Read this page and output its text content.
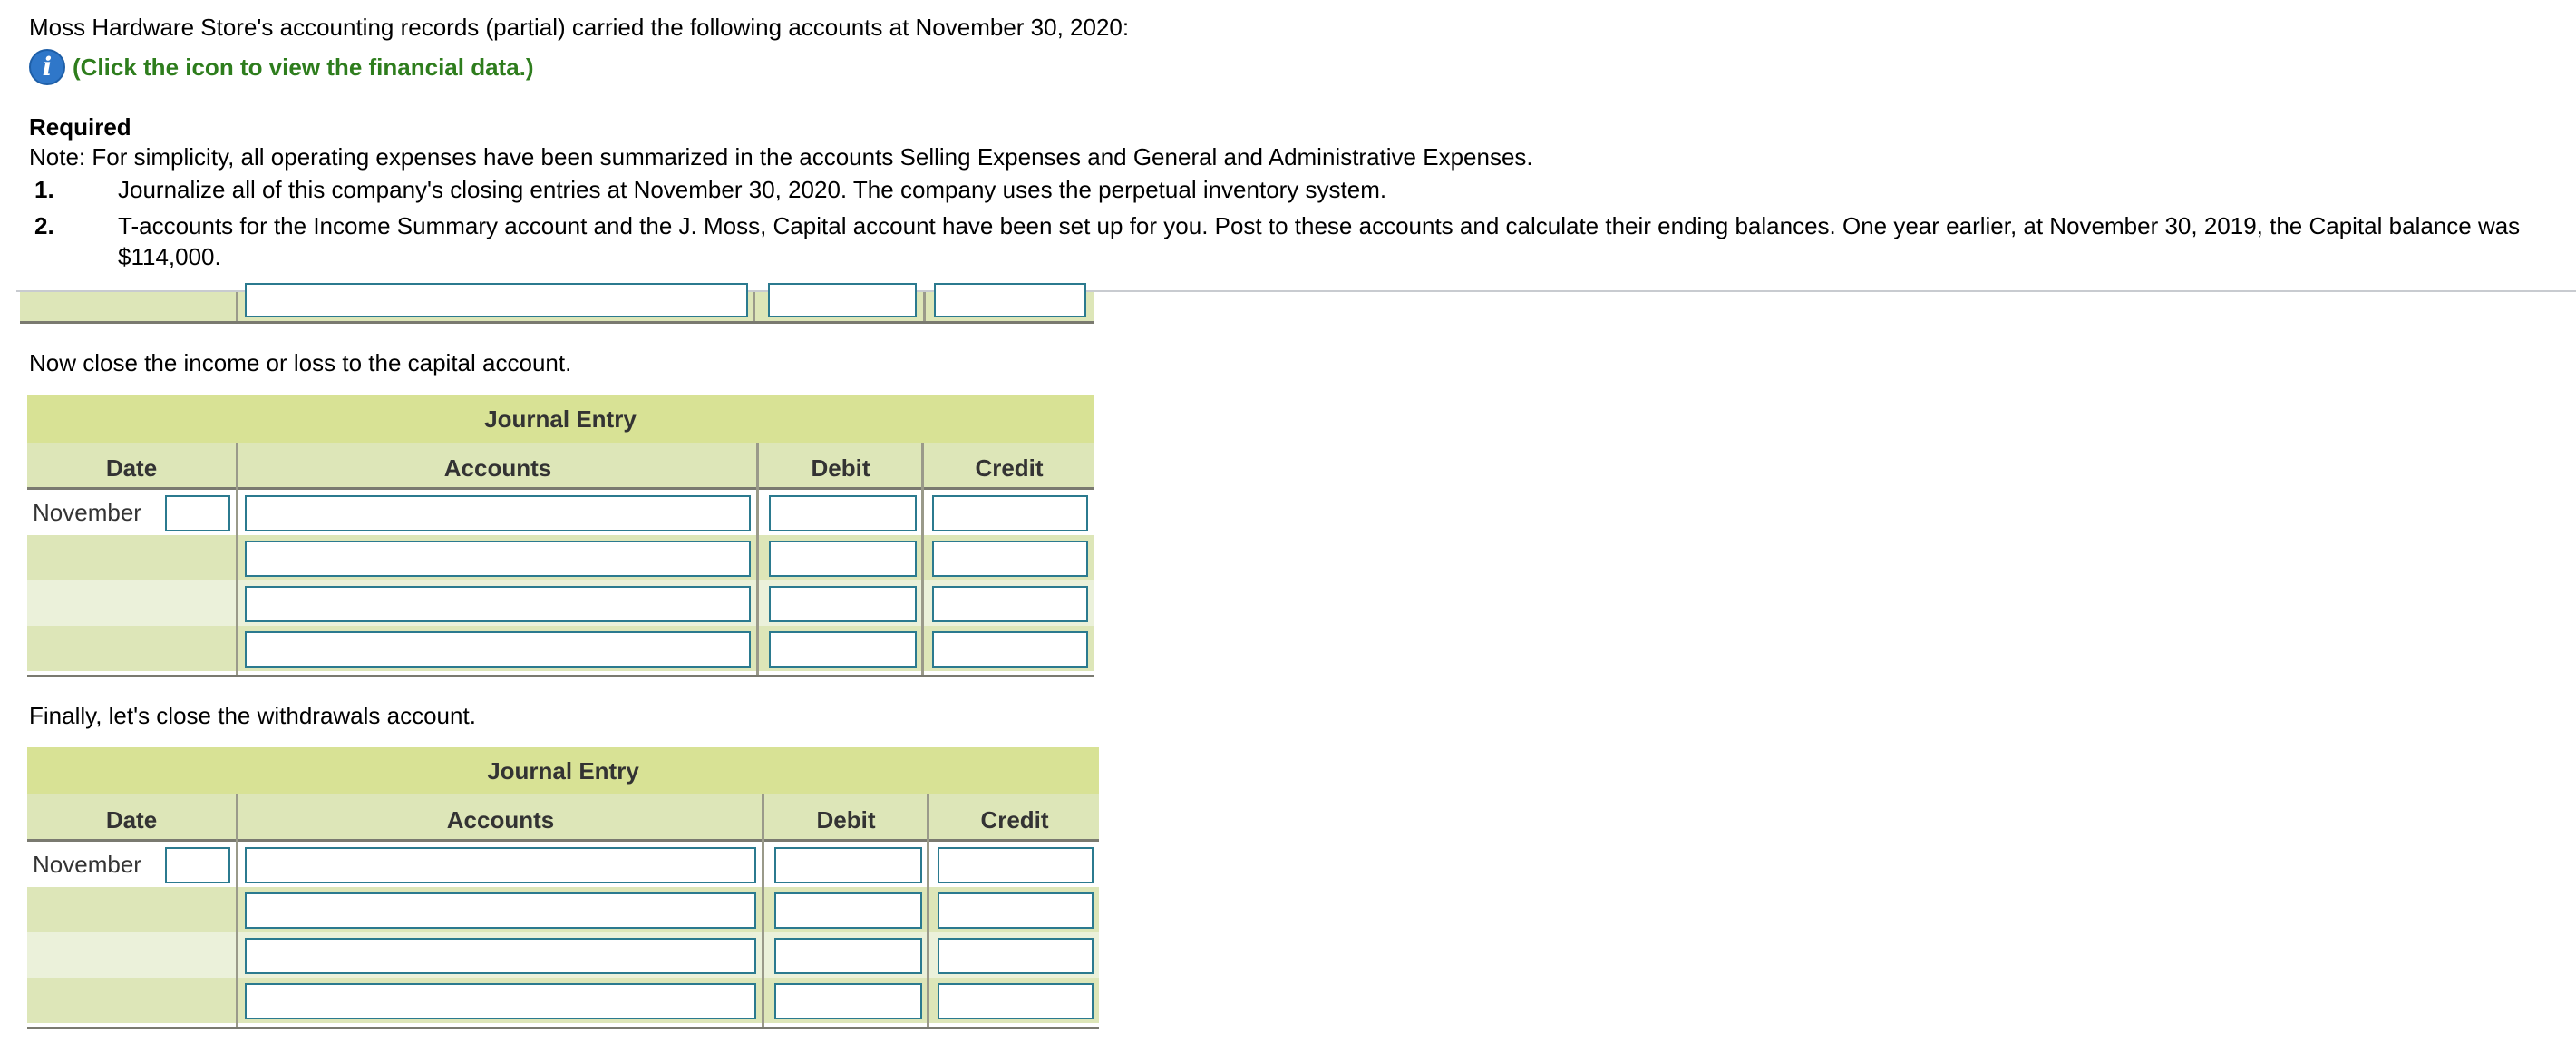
Moss Hardware Store's accounting records (partial) carried the following accounts at November 30, 2020:
i (Click the icon to view the financial data.)
Required
Note: For simplicity, all operating expenses have been summarized in the accounts Selling Expenses and General and Administrative Expenses.
1.	Journalize all of this company's closing entries at November 30, 2020. The company uses the perpetual inventory system.
2.	T-accounts for the Income Summary account and the J. Moss, Capital account have been set up for you. Post to these accounts and calculate their ending balances. One year earlier, at November 30, 2019, the Capital balance was
$114,000.
Now close the income or loss to the capital account.
Journal Entry
Date	Accounts	Debit	Credit
November
Finally, let's close the withdrawals account.
Journal Entry
Date	Accounts	Debit	Credit
November
